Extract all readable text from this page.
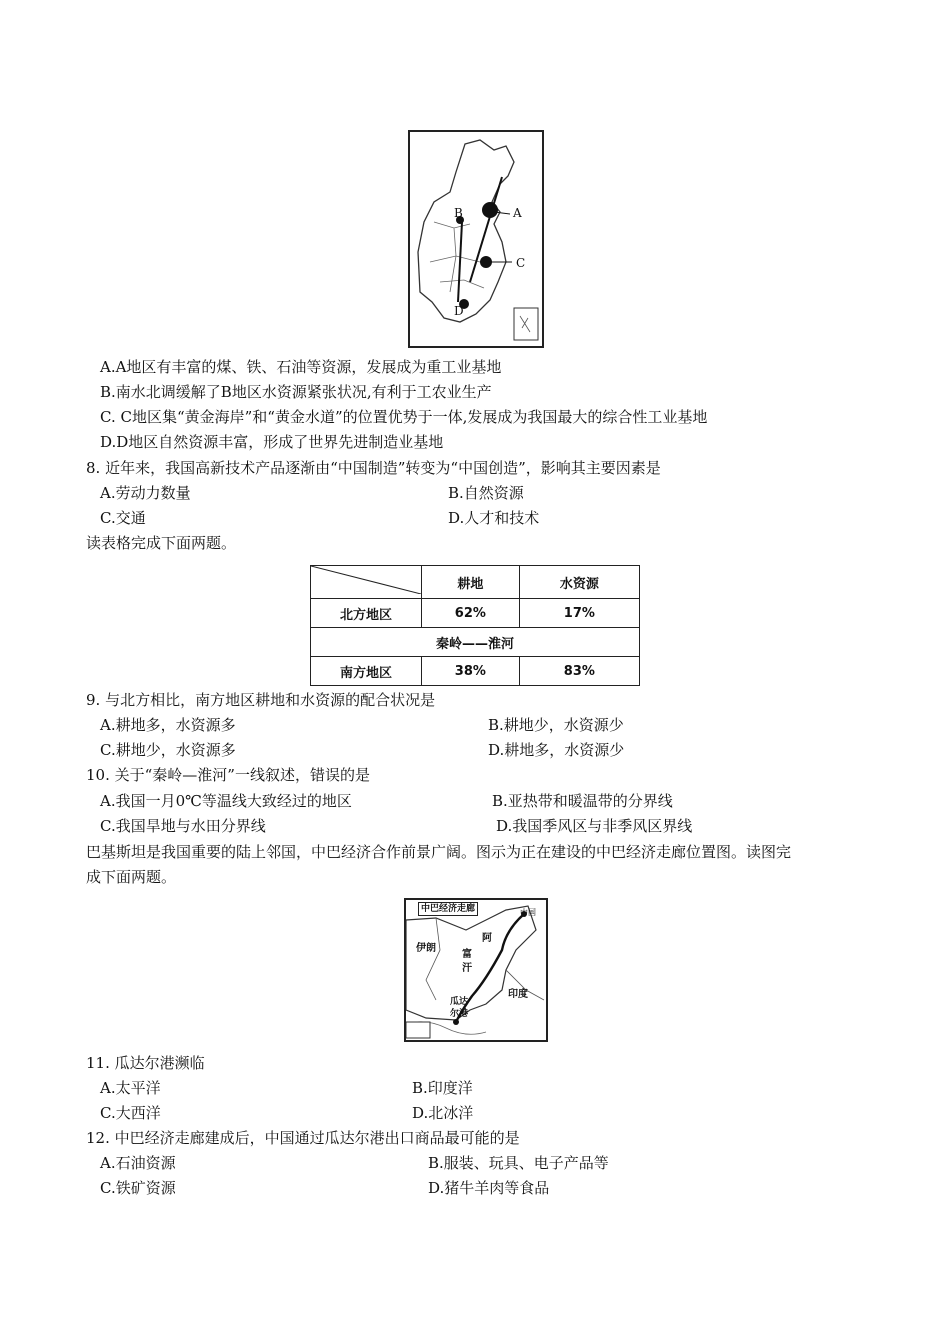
A
B
C
D
A.A地区有丰富的煤、铁、石油等资源，发展成为重工业基地
B.南水北调缓解了B地区水资源紧张状况,有利于工农业生产
C. C地区集“黄金海岸”和“黄金水道”的位置优势于一体,发展成为我国最大的综合性工业基地
D.D地区自然资源丰富，形成了世界先进制造业基地
8. 近年来，我国高新技术产品逐渐由“中国制造”转变为“中国创造”，影响其主要因素是
A.劳动力数量	B.自然资源
C.交通	D.人才和技术
读表格完成下面两题。
	耕地	水资源
北方地区	62%	17%
秦岭——淮河		
南方地区	38%	83%
9. 与北方相比，南方地区耕地和水资源的配合状况是
A.耕地多，水资源多	B.耕地少，水资源少
C.耕地少，水资源多	D.耕地多，水资源少
10. 关于“秦岭—淮河”一线叙述，错误的是
A.我国一月0℃等温线大致经过的地区	B.亚热带和暖温带的分界线
C.我国旱地与水田分界线	D.我国季风区与非季风区界线
巴基斯坦是我国重要的陆上邻国，中巴经济合作前景广阔。图示为正在建设的中巴经济走廊位置图。读图完
成下面两题。
中巴经济走廊
伊朗
阿
富
汗
印度
瓜达
尔港
中国
11. 瓜达尔港濒临
A.太平洋	B.印度洋
C.大西洋	D.北冰洋
12. 中巴经济走廊建成后，中国通过瓜达尔港出口商品最可能的是
A.石油资源	B.服装、玩具、电子产品等
C.铁矿资源	D.猪牛羊肉等食品
